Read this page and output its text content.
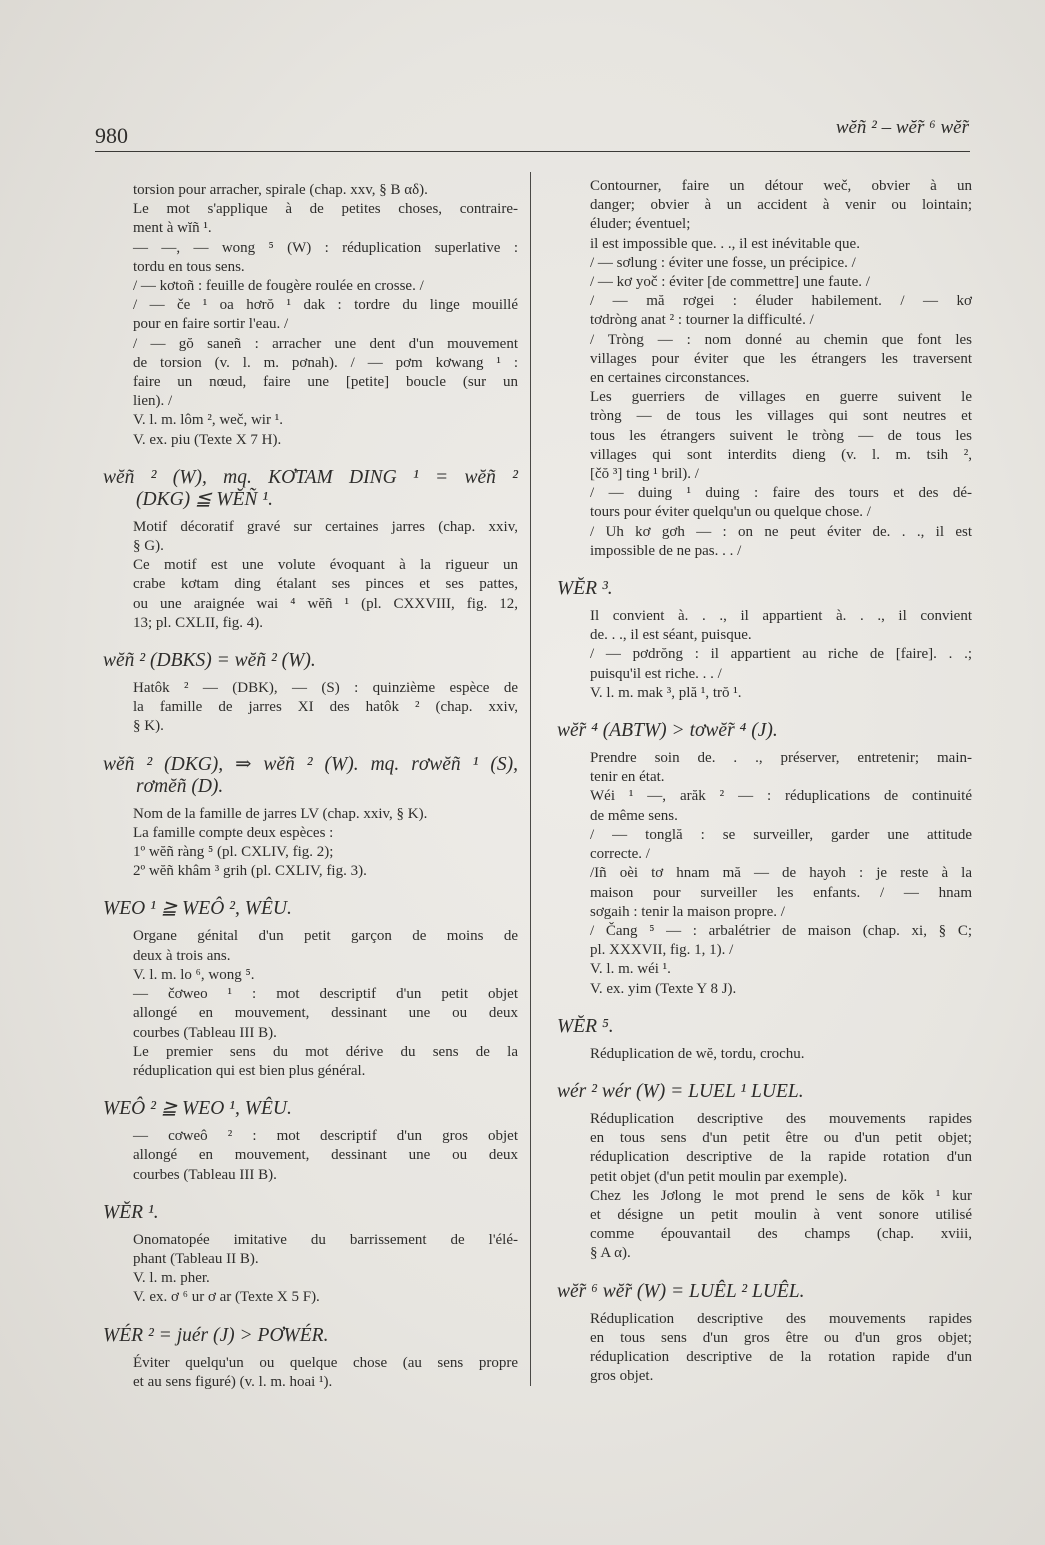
980	wĕñ ² – wĕ̃r ⁶ wĕ̃r
torsion pour arracher, spirale (chap. xxv, § B αδ).
Le mot s'applique à de petites choses, contraire-
ment à wĭñ ¹.
— —, — wong ⁵ (W) : réduplication superlative :
tordu en tous sens.
/ — kơtoñ : feuille de fougère roulée en crosse. /
/ — če ¹ oa hơrŏ ¹ dak : tordre du linge mouillé
pour en faire sortir l'eau. /
/ — gŏ saneñ : arracher une dent d'un mouvement
de torsion (v. l. m. pơnah). / — pơm kơwang ¹ :
faire un nœud, faire une [petite] boucle (sur un
lien). /
V. l. m. lôm ², weč, wir ¹.
V. ex. piu (Texte X 7 H).
wĕñ ² (W), mq. KƠTAM DING ¹ = wĕñ ²
(DKG) ≦ WĔÑ ¹.
Motif décoratif gravé sur certaines jarres (chap. xxiv,
§ G).
Ce motif est une volute évoquant à la rigueur un
crabe kơtam ding étalant ses pinces et ses pattes,
ou une araignée wai ⁴ wĕñ ¹ (pl. CXXVIII, fig. 12,
13; pl. CXLII, fig. 4).
wĕñ ² (DBKS) = wĕñ ² (W).
Hatôk ² — (DBK), — (S) : quinzième espèce de
la famille de jarres XI des hatôk ² (chap. xxiv,
§ K).
wĕñ ² (DKG), ⇒ wĕñ ² (W). mq. rơwĕñ ¹ (S),
rơmĕñ (D).
Nom de la famille de jarres LV (chap. xxiv, § K).
La famille compte deux espèces :
1º wĕñ ràng ⁵ (pl. CXLIV, fig. 2);
2º wĕñ khâm ³ grih (pl. CXLIV, fig. 3).
WEO ¹ ≧ WEÔ ², WÊU.
Organe génital d'un petit garçon de moins de
deux à trois ans.
V. l. m. lo ⁶, wong ⁵.
— čơweo ¹ : mot descriptif d'un petit objet
allongé en mouvement, dessinant une ou deux
courbes (Tableau III B).
Le premier sens du mot dérive du sens de la
réduplication qui est bien plus général.
WEÔ ² ≧ WEO ¹, WÊU.
— cơweô ² : mot descriptif d'un gros objet
allongé en mouvement, dessinant une ou deux
courbes (Tableau III B).
WĔR ¹.
Onomatopée imitative du barrissement de l'élé-
phant (Tableau II B).
V. l. m. pher.
V. ex. ơ ⁶ ur ơ ar (Texte X 5 F).
WÉR ² = juér (J) > PƠWÉR.
Éviter quelqu'un ou quelque chose (au sens propre
et au sens figuré) (v. l. m. hoai ¹).
Contourner, faire un détour weč, obvier à un
danger; obvier à un accident à venir ou lointain;
éluder; éventuel;
il est impossible que. . ., il est inévitable que.
/ — sơlung : éviter une fosse, un précipice. /
/ — kơ yoč : éviter [de commettre] une faute. /
/ — mă rơgei : éluder habilement. / — kơ
tơdròng anat ² : tourner la difficulté. /
/ Tròng — : nom donné au chemin que font les
villages pour éviter que les étrangers les traversent
en certaines circonstances.
Les guerriers de villages en guerre suivent le
tròng — de tous les villages qui sont neutres et
tous les étrangers suivent le tròng — de tous les
villages qui sont interdits dieng (v. l. m. tsih ²,
[čŏ ³] ting ¹ bril). /
/ — duing ¹ duing : faire des tours et des dé-
tours pour éviter quelqu'un ou quelque chose. /
/ Uh kơ gơh — : on ne peut éviter de. . ., il est
impossible de ne pas. . . /
WĔR ³.
Il convient à. . ., il appartient à. . ., il convient
de. . ., il est séant, puisque.
/ — pơdrŏng : il appartient au riche de [faire]. . .;
puisqu'il est riche. . . /
V. l. m. mak ³, plă ¹, trŏ ¹.
wĕ̃r ⁴ (ABTW) > tơwĕ̃r ⁴ (J).
Prendre soin de. . ., préserver, entretenir; main-
tenir en état.
Wéi ¹ —, arăk ² — : réduplications de continuité
de même sens.
/ — tonglă : se surveiller, garder une attitude
correcte. /
/Iñ oèi tơ hnam mă — de hayoh : je reste à la
maison pour surveiller les enfants. / — hnam
sơgaih : tenir la maison propre. /
/ Čang ⁵ — : arbalétrier de maison (chap. xi, § C;
pl. XXXVII, fig. 1, 1). /
V. l. m. wéi ¹.
V. ex. yim (Texte Y 8 J).
WĔR ⁵.
Réduplication de wĕ, tordu, crochu.
wér ² wér (W) = LUEL ¹ LUEL.
Réduplication descriptive des mouvements rapides
en tous sens d'un petit être ou d'un petit objet;
réduplication descriptive de la rapide rotation d'un
petit objet (d'un petit moulin par exemple).
Chez les Jơlong le mot prend le sens de kŏk ¹ kur
et désigne un petit moulin à vent sonore utilisé
comme épouvantail des champs (chap. xviii,
§ A α).
wĕ̃r ⁶ wĕ̃r (W) = LUÊL ² LUÊL.
Réduplication descriptive des mouvements rapides
en tous sens d'un gros être ou d'un gros objet;
réduplication descriptive de la rotation rapide d'un
gros objet.
